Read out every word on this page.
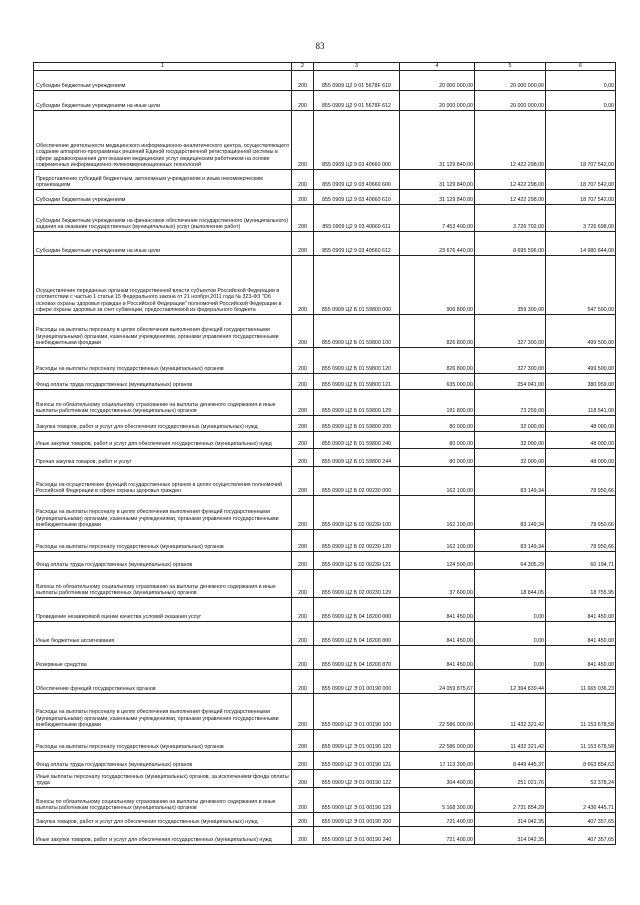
83
1	2	3	4	5	6
Субсидии бюджетным учреждениям	200	855 0909 Ц2 9 01 5678F 610	20 000 000,00	20 000 000,00	0,00
Субсидии бюджетным учреждениям на иные цели	200	855 0909 Ц2 9 01 5678F 612	20 000 000,00	20 000 000,00	0,00
Обеспечение деятельности медицинского информационно-аналитического центра, осуществляющего создание аппаратно-программных решений Единой государственной регистрационной системы в сфере здравоохранения для оказания медицинских услуг медицинским работником на основе современных информационно-телекоммуникационных технологий	200	855 0909 Ц2 9 03 40660 000	31 129 840,00	12 422 298,00	18 707 542,00
Предоставление субсидий бюджетным, автономным учреждениям и иным некоммерческим организациям	200	855 0909 Ц2 9 03 40660 600	31 129 840,00	12 422 298,00	18 707 542,00
Субсидии бюджетным учреждениям	200	855 0909 Ц2 9 03 40660 610	31 129 840,00	12 422 298,00	18 707 542,00
Субсидии бюджетным учреждениям на финансовое обеспечение государственного (муниципального) задания на оказание государственных (муниципальных) услуг (выполнение работ)	200	855 0909 Ц2 9 03 40660 611	7 453 400,00	3 726 702,00	3 726 698,00
Субсидии бюджетным учреждениям на иные цели	200	855 0909 Ц2 9 03 40660 612	23 676 440,00	8 695 596,00	14 980 844,00
Осуществление переданных органам государственной власти субъектов Российской Федерации в соответствии с частью 1 статьи 15 Федерального закона от 21 ноября 2011 года № 323-ФЗ "Об основах охраны здоровья граждан в Российской Федерации" полномочий Российской Федерации в сфере охраны здоровья за счет субвенции, предоставляемой из федерального бюджета	200	855 0909 Ц2 Б 01 59800 000	906 800,00	359 300,00	547 500,00
Расходы на выплаты персоналу в целях обеспечения выполнения функций государственными (муниципальными) органами, казенными учреждениями, органами управления государственными внебюджетными фондами	200	855 0909 Ц2 Б 01 59800 100	826 800,00	327 300,00	499 500,00
Расходы на выплаты персоналу государственных (муниципальных) органов	200	855 0909 Ц2 Б 01 59800 120	826 800,00	327 300,00	499 500,00
Фонд оплаты труда государственных (муниципальных) органов	200	855 0909 Ц2 Б 01 59800 121	635 000,00	254 041,00	380 959,00
Взносы по обязательному социальному страхованию на выплаты денежного содержания и иные выплаты работникам государственных (муниципальных) органов	200	855 0909 Ц2 Б 01 59800 129	191 800,00	73 259,00	118 541,00
Закупка товаров, работ и услуг для обеспечения государственных (муниципальных) нужд	200	855 0909 Ц2 Б 01 59800 200	80 000,00	32 000,00	48 000,00
Иные закупки товаров, работ и услуг для обеспечения государственных (муниципальных) нужд	200	855 0909 Ц2 Б 01 59800 240	80 000,00	32 000,00	48 000,00
Прочая закупка товаров, работ и услуг	200	855 0909 Ц2 Б 01 59800 244	80 000,00	32 000,00	48 000,00
Расходы на осуществление функций государственных органов в целях осуществления полномочий Российской Федерации в сфере охраны здоровья граждан	200	855 0909 Ц2 Б 02 00230 000	162 100,00	83 149,34	78 950,66
Расходы на выплаты персоналу в целях обеспечения выполнения функций государственными (муниципальными) органами, казенными учреждениями, органами управления государственными внебюджетными фондами	200	855 0909 Ц2 Б 02 00230 100	162 100,00	83 149,34	78 950,66
Расходы на выплаты персоналу государственных (муниципальных) органов	200	855 0909 Ц2 Б 02 00230 120	162 100,00	83 149,34	78 950,66
Фонд оплаты труда государственных (муниципальных) органов	200	855 0909 Ц2 Б 02 00230 121	124 500,00	64 305,29	60 194,71
Взносы по обязательному социальному страхованию на выплаты денежного содержания и иные выплаты работникам государственных (муниципальных) органов	200	855 0909 Ц2 Б 02 00230 129	37 600,00	18 844,05	18 755,95
Проведение независимой оценки качества условий оказания услуг	200	855 0909 Ц2 Б 04 18200 000	841 450,00	0,00	841 450,00
Иные бюджетные ассигнования	200	855 0909 Ц2 Б 04 18200 800	841 450,00	0,00	841 450,00
Резервные средства	200	855 0909 Ц2 Б 04 18200 870	841 450,00	0,00	841 450,00
Обеспечение функций государственных органов	200	855 0909 Ц2 Э 01 00190 000	24 059 875,67	12 394 839,44	11 665 036,23
Расходы на выплаты персоналу в целях обеспечения выполнения функций государственными (муниципальными) органами, казенными учреждениями, органами управления государственными внебюджетными фондами	200	855 0909 Ц2 Э 01 00190 100	22 586 000,00	11 432 321,42	11 153 678,58
Расходы на выплаты персоналу государственных (муниципальных) органов	200	855 0909 Ц2 Э 01 00190 120	22 586 000,00	11 432 321,42	11 153 678,58
Фонд оплаты труда государственных (муниципальных) органов	200	855 0909 Ц2 Э 01 00190 121	17 113 300,00	8 449 445,37	8 663 854,63
Иные выплаты персоналу государственных (муниципальных) органов, за исключением фонда оплаты труда	200	855 0909 Ц2 Э 01 00190 122	304 400,00	251 021,76	53 378,24
Взносы по обязательному социальному страхованию на выплаты денежного содержания и иные выплаты работникам государственных (муниципальных) органов	200	855 0909 Ц2 Э 01 00190 129	5 168 300,00	2 731 854,29	2 436 445,71
Закупка товаров, работ и услуг для обеспечения государственных (муниципальных) нужд	200	855 0909 Ц2 Э 01 00190 200	721 400,00	314 042,35	407 357,65
Иные закупки товаров, работ и услуг для обеспечения государственных (муниципальных) нужд	200	855 0909 Ц2 Э 01 00190 240	721 400,00	314 042,35	407 357,65
